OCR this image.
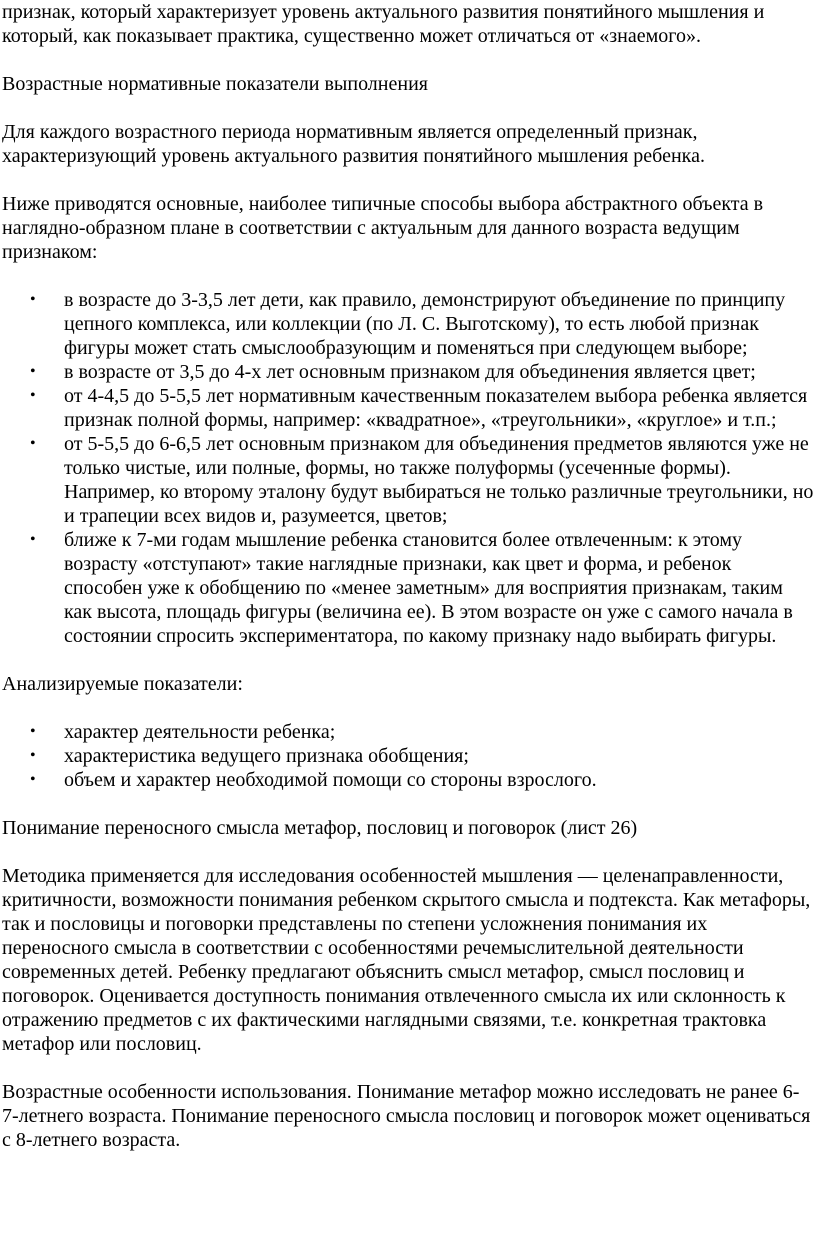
признак, который характеризует уровень актуального развития понятийного мышления и который, как показывает практика, существенно может отличаться от «знаемого».

Возрастные нормативные показатели выполнения

Для каждого возрастного периода нормативным является определенный признак, характеризующий уровень актуального развития понятийного мышления ребенка.

Ниже приводятся основные, наиболее типичные способы выбора абстрактного объекта в наглядно-образном плане в соответствии с актуальным для данного возраста ведущим признаком:

• в возрасте до 3-3,5 лет дети, как правило, демонстрируют объединение по принципу цепного комплекса, или коллекции (по Л. С. Выготскому), то есть любой признак фигуры может стать смыслообразующим и поменяться при следующем выборе;
• в возрасте от 3,5 до 4-х лет основным признаком для объединения является цвет;
• от 4-4,5 до 5-5,5 лет нормативным качественным показателем выбора ребенка является признак полной формы, например: «квадратное», «треугольники», «круглое» и т.п.;
• от 5-5,5 до 6-6,5 лет основным признаком для объединения предметов являются уже не только чистые, или полные, формы, но также полуформы (усеченные формы). Например, ко второму эталону будут выбираться не только различные треугольники, но и трапеции всех видов и, разумеется, цветов;
• ближе к 7-ми годам мышление ребенка становится более отвлеченным: к этому возрасту «отступают» такие наглядные признаки, как цвет и форма, и ребенок способен уже к обобщению по «менее заметным» для восприятия признакам, таким как высота, площадь фигуры (величина ее). В этом возрасте он уже с самого начала в состоянии спросить экспериментатора, по какому признаку надо выбирать фигуры.

Анализируемые показатели:

• характер деятельности ребенка;
• характеристика ведущего признака обобщения;
• объем и характер необходимой помощи со стороны взрослого.

Понимание переносного смысла метафор, пословиц и поговорок (лист 26)

Методика применяется для исследования особенностей мышления — целенаправленности, критичности, возможности понимания ребенком скрытого смысла и подтекста. Как метафоры, так и пословицы и поговорки представлены по степени усложнения понимания их переносного смысла в соответствии с особенностями речемыслительной деятельности современных детей. Ребенку предлагают объяснить смысл метафор, смысл пословиц и поговорок. Оценивается доступность понимания отвлеченного смысла их или склонность к отражению предметов с их фактическими наглядными связями, т.е. конкретная трактовка метафор или пословиц.

Возрастные особенности использования. Понимание метафор можно исследовать не ранее 6-7-летнего возраста. Понимание переносного смысла пословиц и поговорок может оцениваться с 8-летнего возраста.
